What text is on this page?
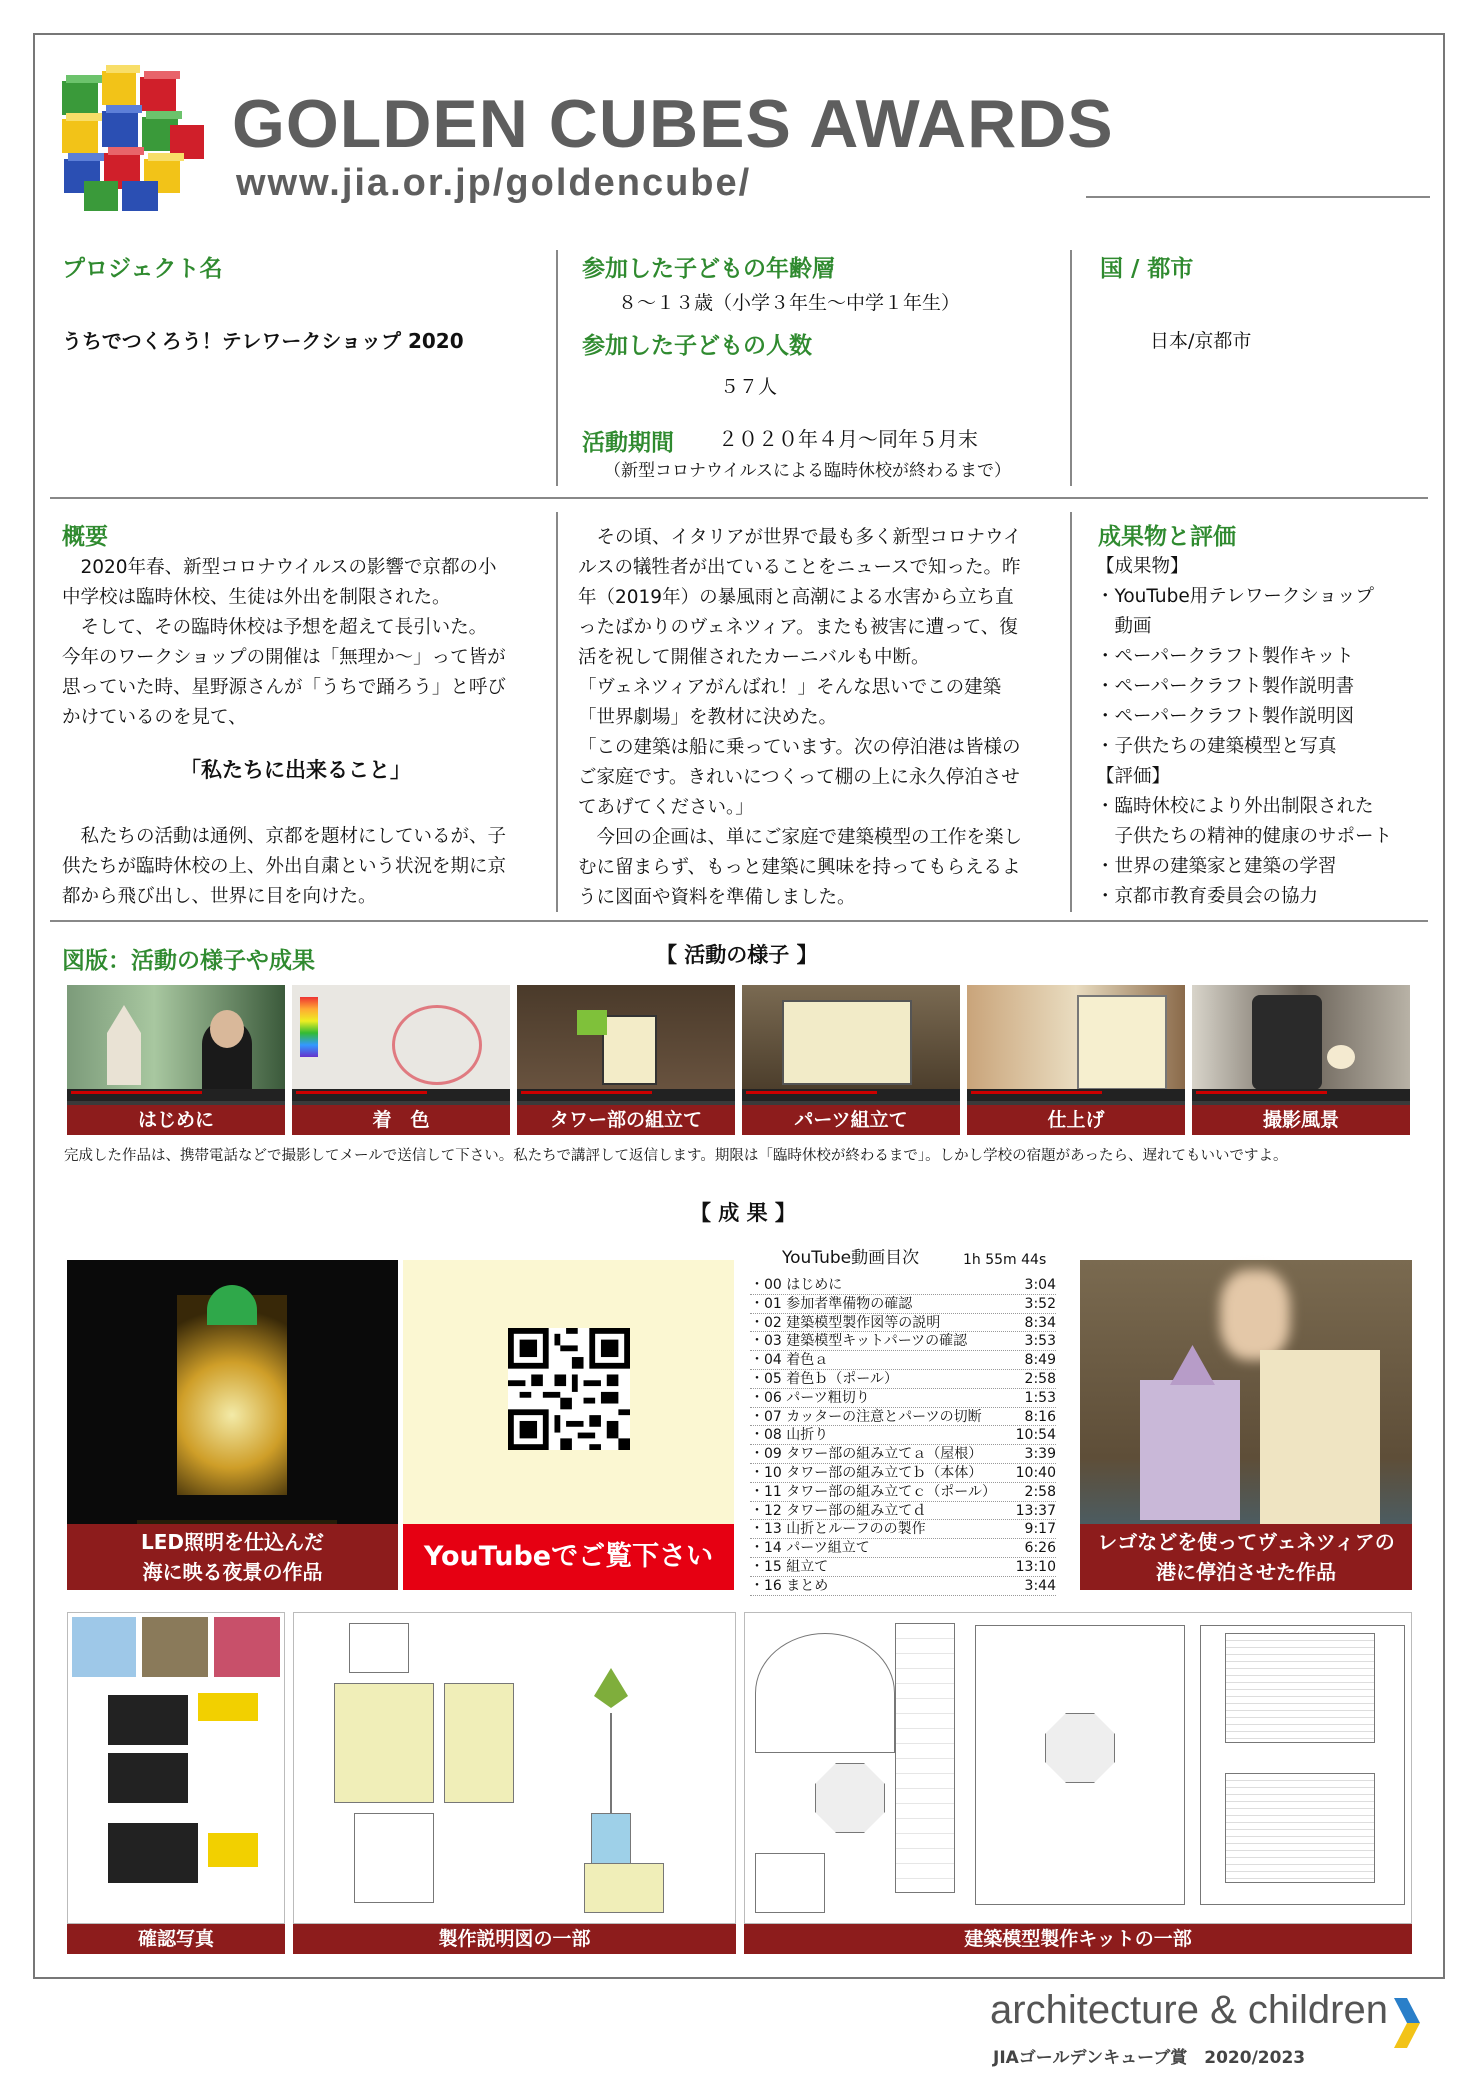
GOLDEN CUBES AWARDS
www.jia.or.jp/goldencube/
プロジェクト名
うちでつくろう！テレワークショップ 2020
参加した子どもの年齢層
８～１３歳（小学３年生～中学１年生）
参加した子どもの人数
５７人
活動期間 ２０２０年４月～同年５月末
（新型コロナウイルスによる臨時休校が終わるまで）
国 / 都市
日本/京都市
概要

　2020年春、新型コロナウイルスの影響で京都の小

中学校は臨時休校、生徒は外出を制限された。

　そして、その臨時休校は予想を超えて長引いた。

今年のワークショップの開催は「無理か～」って皆が

思っていた時、星野源さんが「うちで踊ろう」と呼び

かけているのを見て、

「私たちに出来ること」

　私たちの活動は通例、京都を題材にしているが、子

供たちが臨時休校の上、外出自粛という状況を期に京

都から飛び出し、世界に目を向けた。

　その頃、イタリアが世界で最も多く新型コロナウイ

ルスの犠牲者が出ていることをニュースで知った。昨

年（2019年）の暴風雨と高潮による水害から立ち直

ったばかりのヴェネツィア。またも被害に遭って、復

活を祝して開催されたカーニバルも中断。

「ヴェネツィアがんばれ！」そんな思いでこの建築

「世界劇場」を教材に決めた。

「この建築は船に乗っています。次の停泊港は皆様の

ご家庭です。きれいにつくって棚の上に永久停泊させ

てあげてください。」

　今回の企画は、単にご家庭で建築模型の工作を楽し

むに留まらず、もっと建築に興味を持ってもらえるよ

うに図面や資料を準備しました。

成果物と評価

【成果物】

・YouTube用テレワークショップ

　動画

・ペーパークラフト製作キット

・ペーパークラフト製作説明書

・ペーパークラフト製作説明図

・子供たちの建築模型と写真

【評価】

・臨時休校により外出制限された

　子供たちの精神的健康のサポート

・世界の建築家と建築の学習

・京都市教育委員会の協力

図版：活動の様子や成果	【 活動の様子 】
はじめに	着　色	タワー部の組立て	パーツ組立て	仕上げ	撮影風景
完成した作品は、携帯電話などで撮影してメールで送信して下さい。私たちで講評して返信します。期限は「臨時休校が終わるまで」。しかし学校の宿題があったら、遅れてもいいですよ。
【 成 果 】
LED照明を仕込んだ
海に映る夜景の作品	YouTubeでご覧下さい
YouTube動画目次	1h 55m 44s
・00 はじめに	3:04
・01 参加者準備物の確認	3:52
・02 建築模型製作図等の説明	8:34
・03 建築模型キットパーツの確認	3:53
・04 着色ａ	8:49
・05 着色ｂ（ポール）	2:58
・06 パーツ粗切り	1:53
・07 カッターの注意とパーツの切断	8:16
・08 山折り	10:54
・09 タワー部の組み立てａ（屋根）	3:39
・10 タワー部の組み立てｂ（本体） 10:40
・11 タワー部の組み立てｃ（ポール） 2:58
・12 タワー部の組み立てｄ	13:37
・13 山折とルーフのの製作	9:17
・14 パーツ組立て	6:26
・15 組立て	13:10
・16 まとめ	3:44
レゴなどを使ってヴェネツィアの
港に停泊させた作品
確認写真	製作説明図の一部	建築模型製作キットの一部
architecture & children
JIAゴールデンキューブ賞　2020/2023
